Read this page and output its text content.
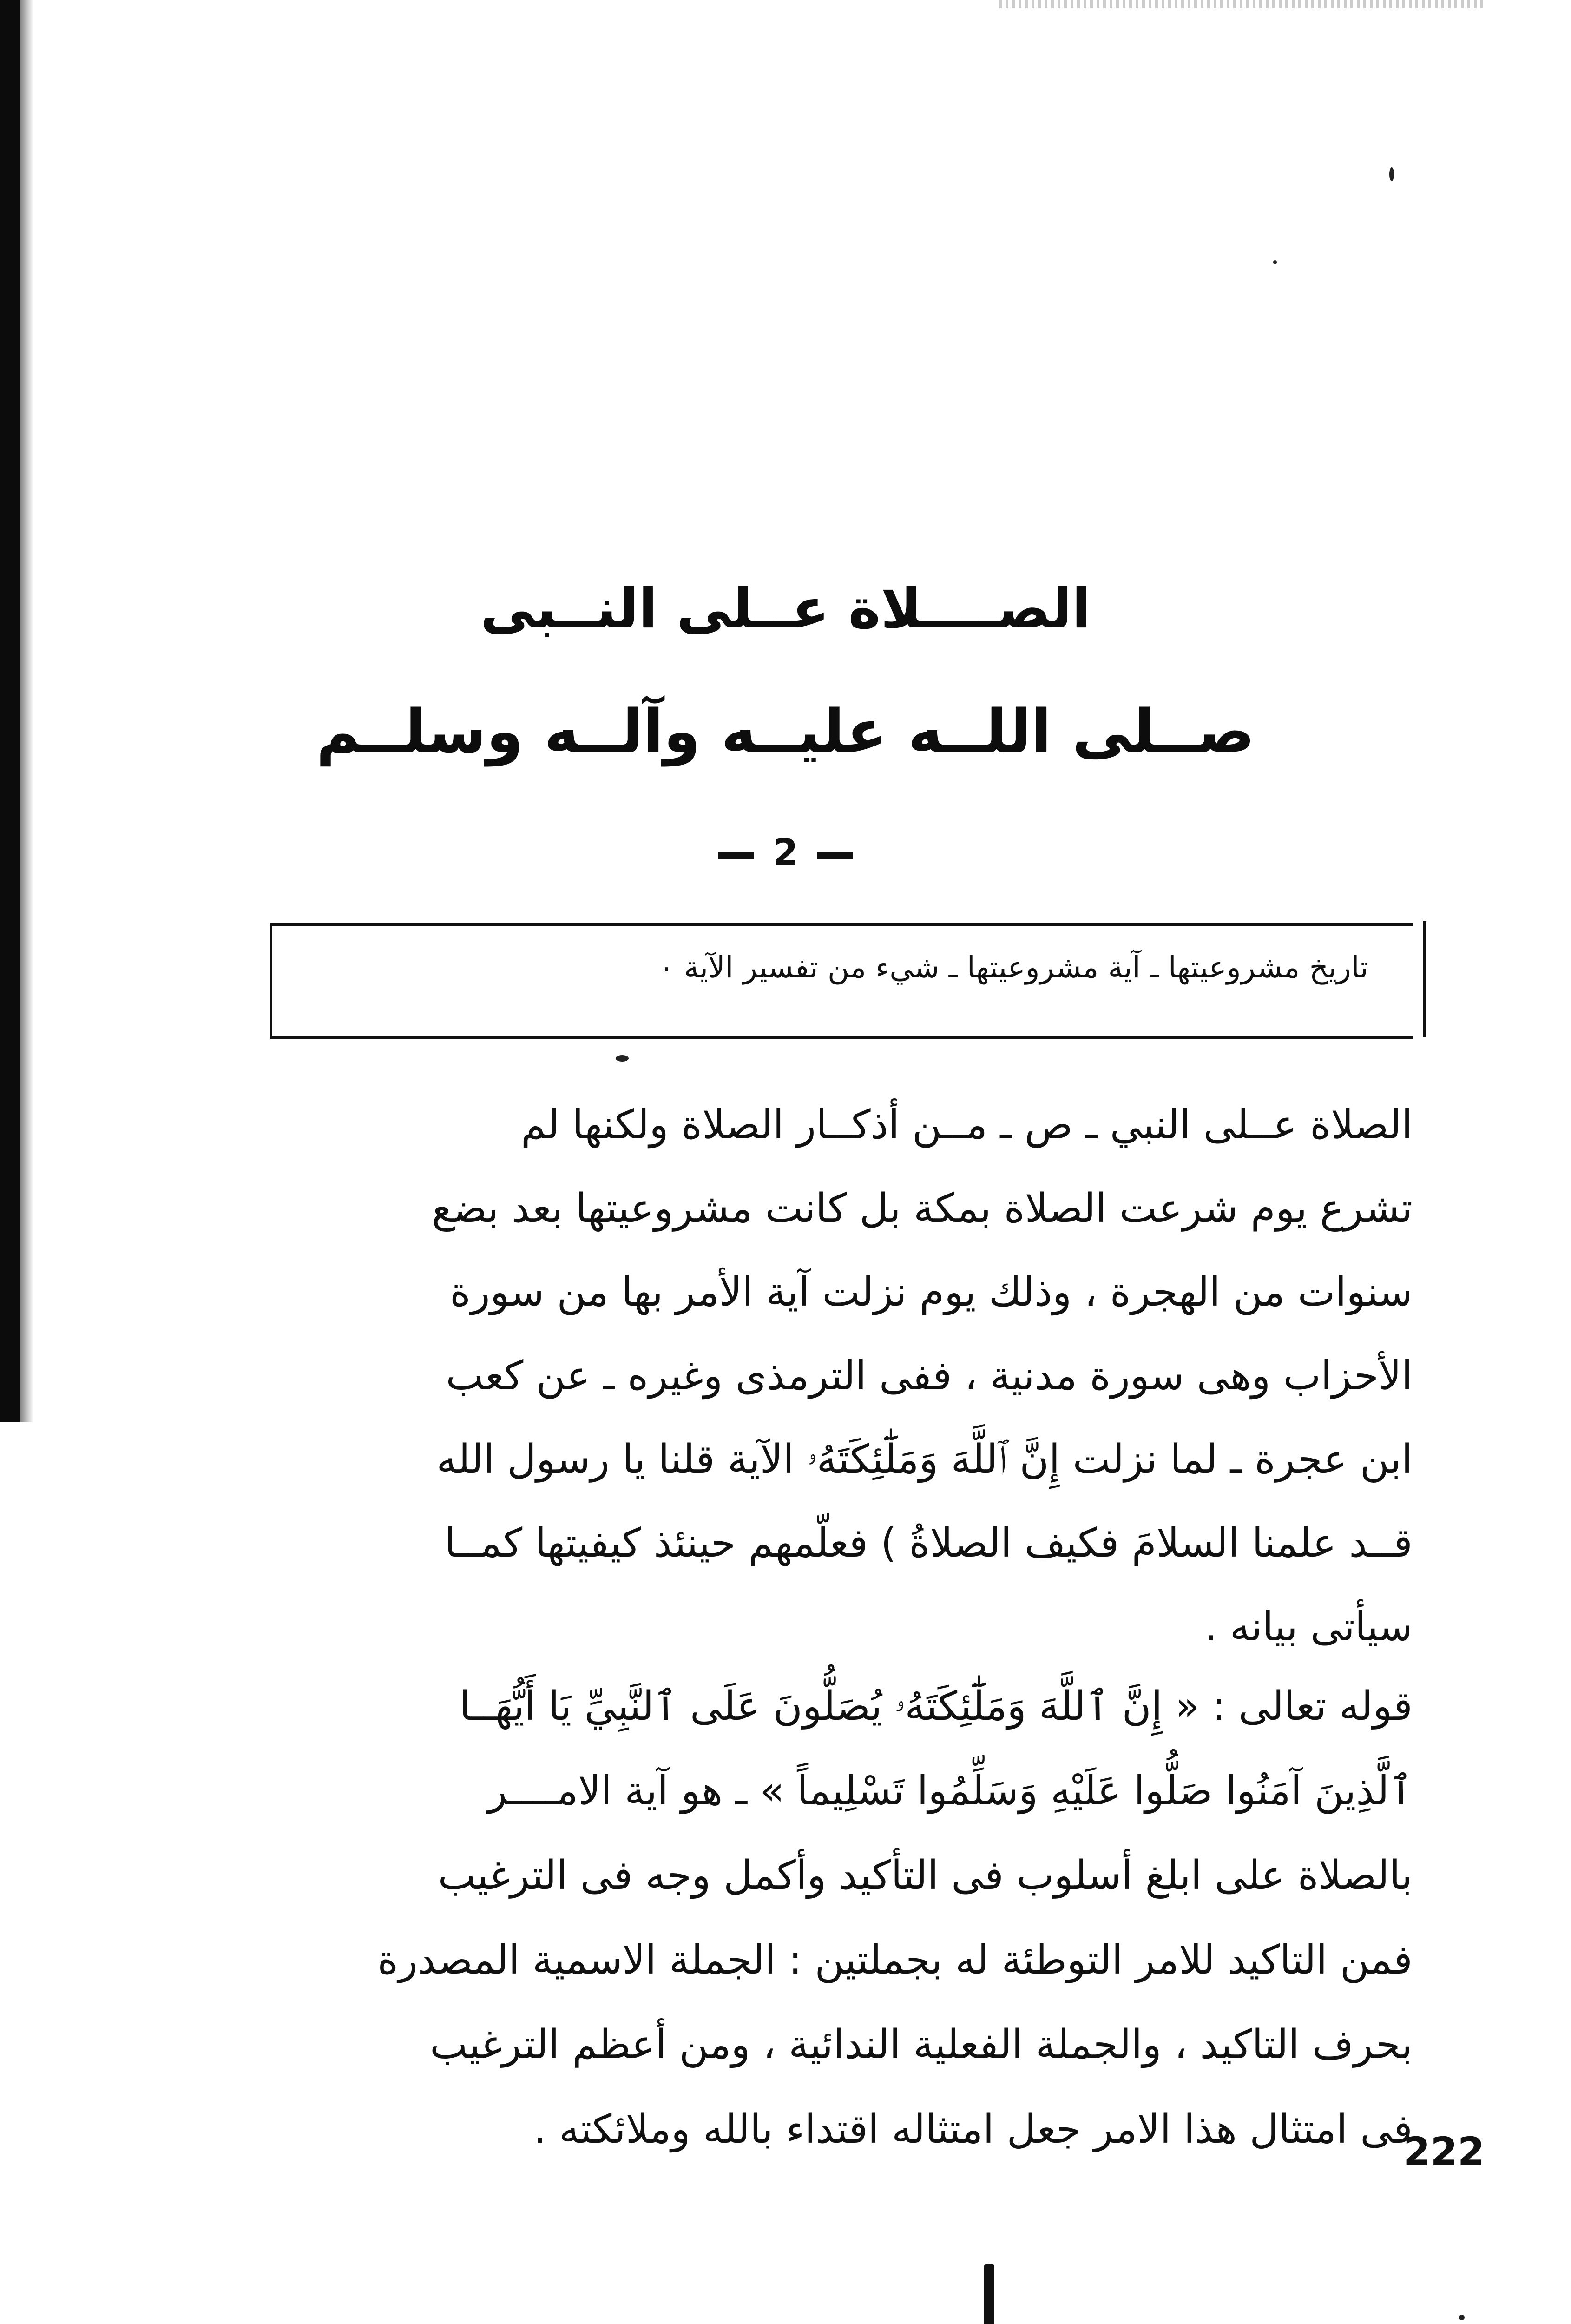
الصــــلاة عــلى النــبى
صــلى اللــه عليــه وآلــه وسلــم
2
تاريخ مشروعيتها ـ آية مشروعيتها ـ شيء من تفسير الآية ٠
الصلاة عــلى النبي ـ ص ـ مــن أذكــار الصلاة ولكنها لم
تشرع يوم شرعت الصلاة بمكة بل كانت مشروعيتها بعد بضع
سنوات من الهجرة ، وذلك يوم نزلت آية الأمر بها من سورة
الأحزاب وهى سورة مدنية ، ففى الترمذى وغيره ـ عن كعب
ابن عجرة ـ لما نزلت إِنَّ ٱللَّهَ وَمَلَٰٓئِكَتَهُۥ الآية قلنا يا رسول الله
قــد علمنا السلامَ فكيف الصلاةُ ) فعلّمهم حينئذ كيفيتها كمــا
سيأتى بيانه .
قوله تعالى : « إِنَّ ٱللَّهَ وَمَلَٰٓئِكَتَهُۥ يُصَلُّونَ عَلَى ٱلنَّبِيِّ يَا أَيُّهَــا
ٱلَّذِينَ آمَنُوا صَلُّوا عَلَيْهِ وَسَلِّمُوا تَسْلِيماً » ـ هو آية الامــــر
بالصلاة على ابلغ أسلوب فى التأكيد وأكمل وجه فى الترغيب
فمن التاكيد للامر التوطئة له بجملتين : الجملة الاسمية المصدرة
بحرف التاكيد ، والجملة الفعلية الندائية ، ومن أعظم الترغيب
فى امتثال هذا الامر جعل امتثاله اقتداء بالله وملائكته .
222
